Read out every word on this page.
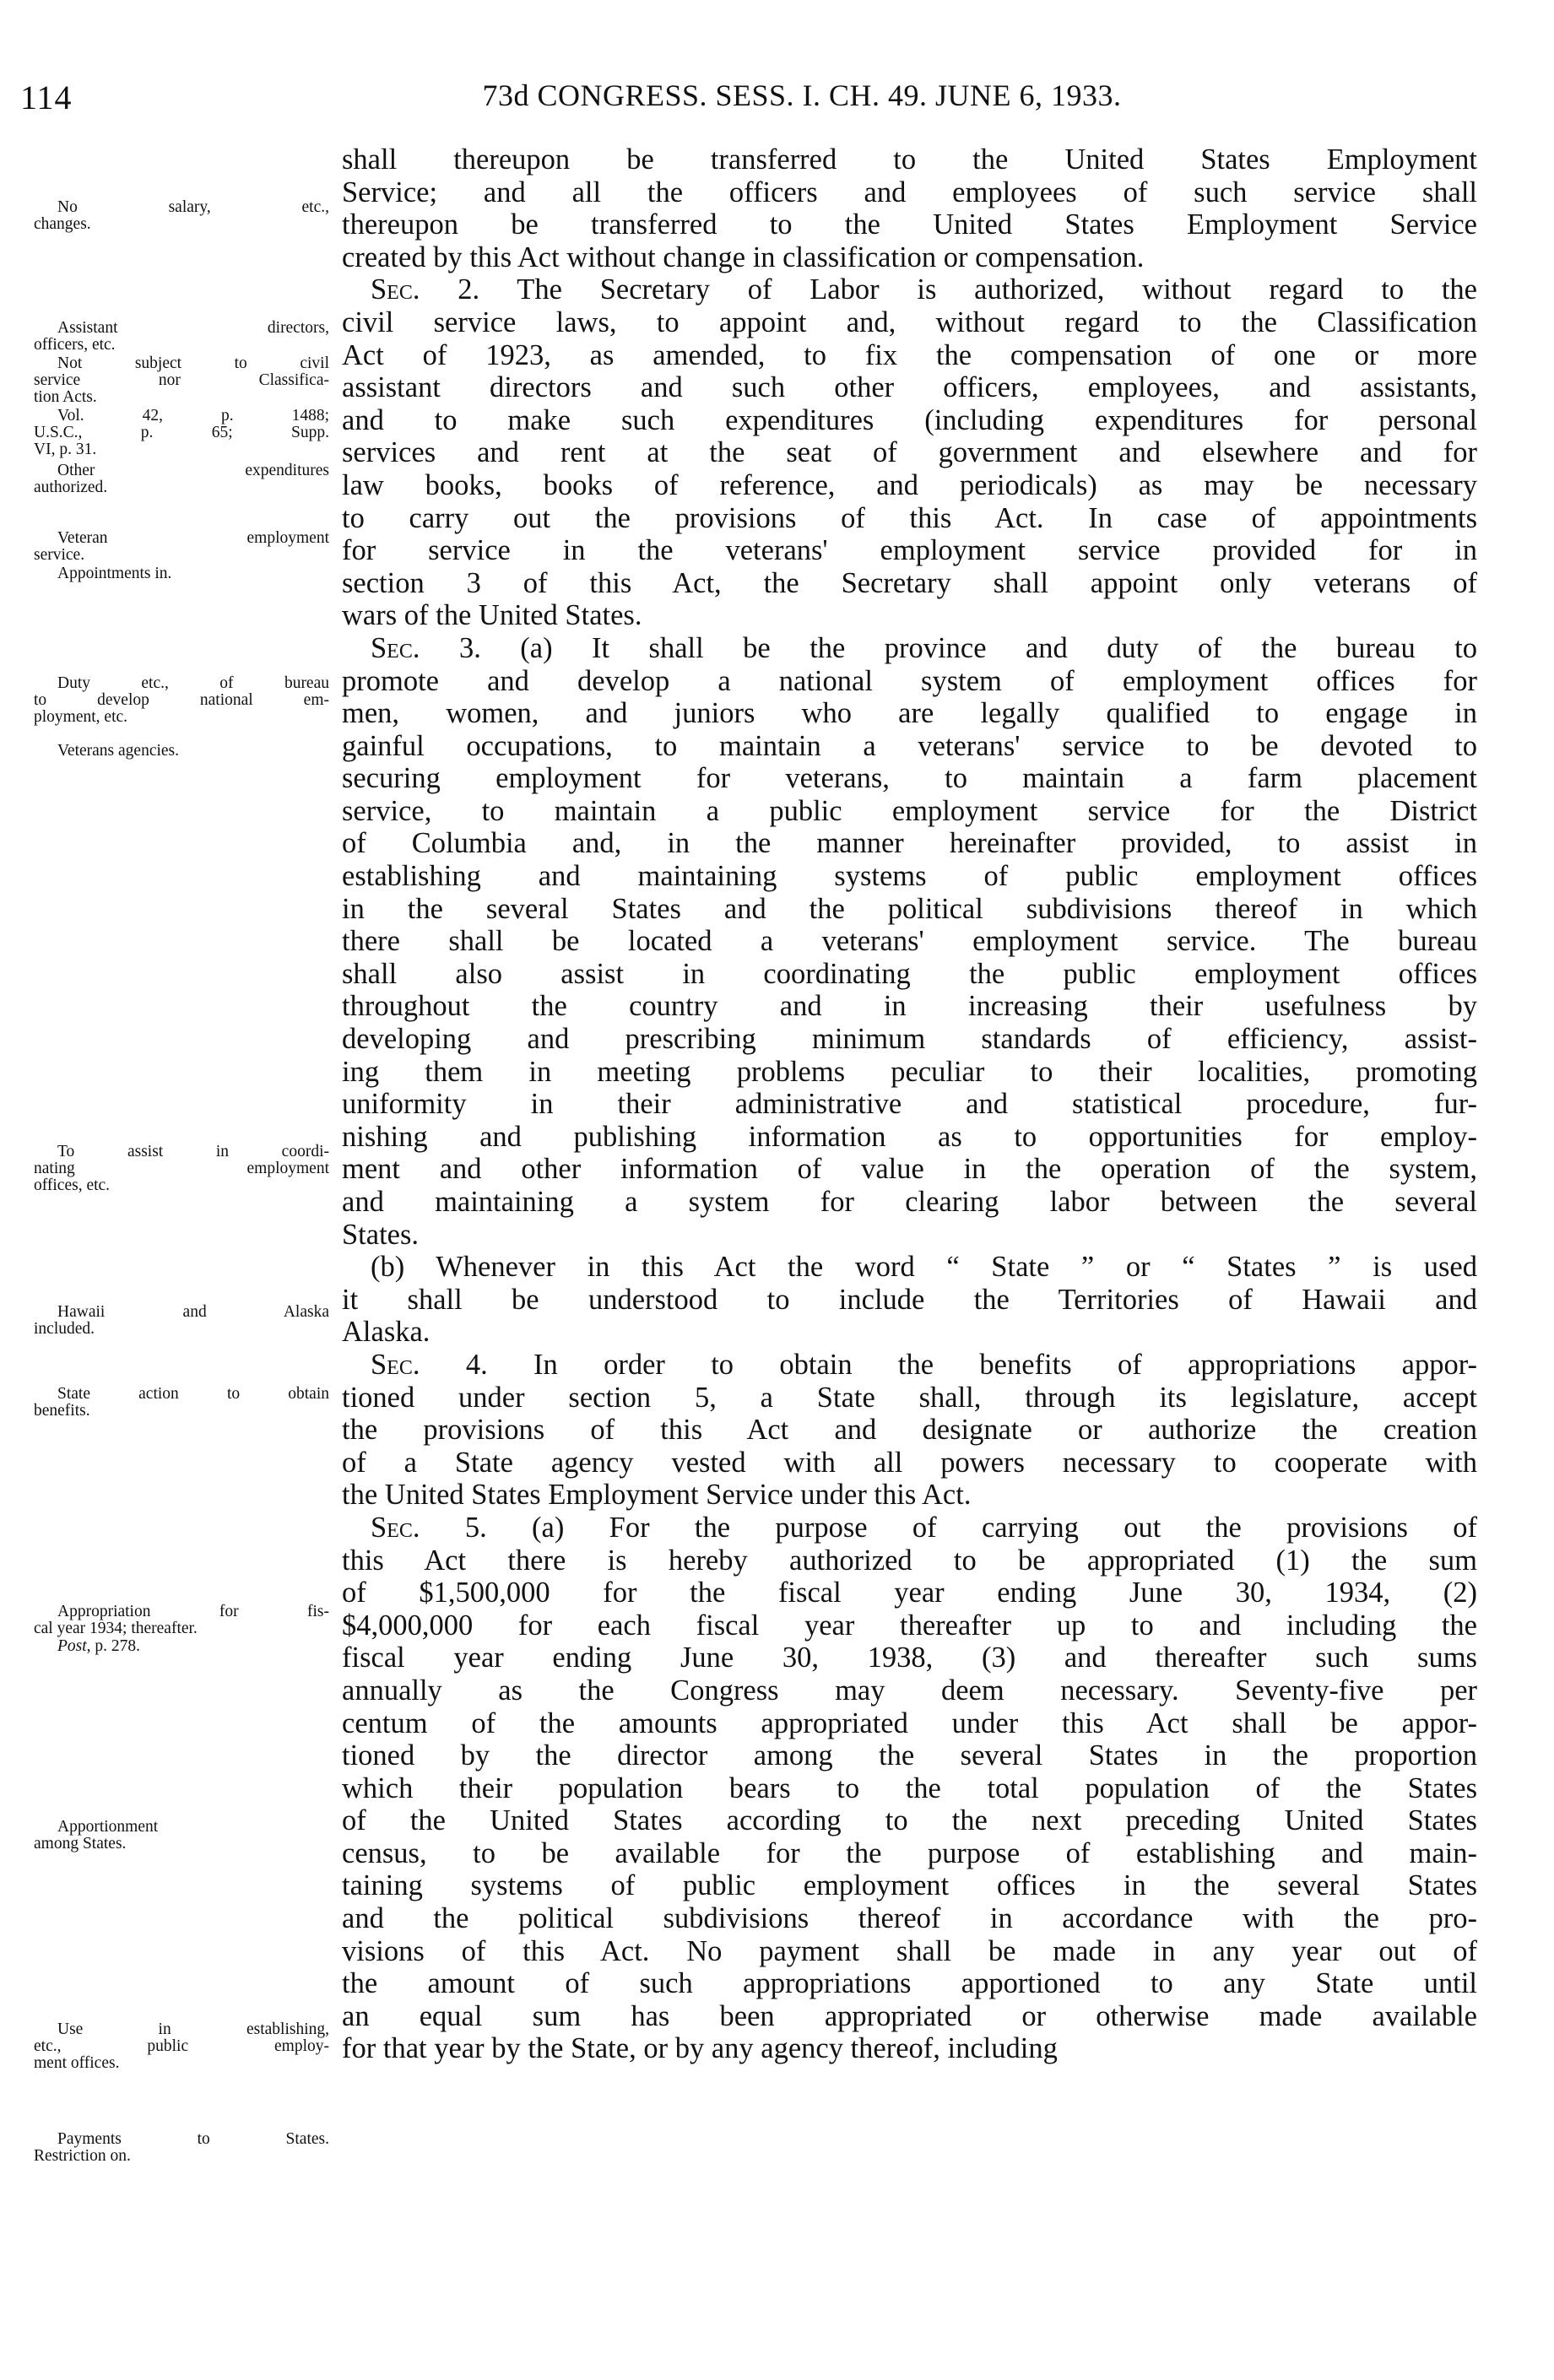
114	73d CONGRESS. SESS. I. CH. 49. JUNE 6, 1933.
shall thereupon be transferred to the United States Employment
Service; and all the officers and employees of such service shall
thereupon be transferred to the United States Employment Service
created by this Act without change in classification or compensation.
Sec. 2. The Secretary of Labor is authorized, without regard to the
civil service laws, to appoint and, without regard to the Classification
Act of 1923, as amended, to fix the compensation of one or more
assistant directors and such other officers, employees, and assistants,
and to make such expenditures (including expenditures for personal
services and rent at the seat of government and elsewhere and for
law books, books of reference, and periodicals) as may be necessary
to carry out the provisions of this Act. In case of appointments
for service in the veterans' employment service provided for in
section 3 of this Act, the Secretary shall appoint only veterans of
wars of the United States.
Sec. 3. (a) It shall be the province and duty of the bureau to
promote and develop a national system of employment offices for
men, women, and juniors who are legally qualified to engage in
gainful occupations, to maintain a veterans' service to be devoted to
securing employment for veterans, to maintain a farm placement
service, to maintain a public employment service for the District
of Columbia and, in the manner hereinafter provided, to assist in
establishing and maintaining systems of public employment offices
in the several States and the political subdivisions thereof in which
there shall be located a veterans' employment service. The bureau
shall also assist in coordinating the public employment offices
throughout the country and in increasing their usefulness by
developing and prescribing minimum standards of efficiency, assist-
ing them in meeting problems peculiar to their localities, promoting
uniformity in their administrative and statistical procedure, fur-
nishing and publishing information as to opportunities for employ-
ment and other information of value in the operation of the system,
and maintaining a system for clearing labor between the several
States.
(b) Whenever in this Act the word “ State ” or “ States ” is used
it shall be understood to include the Territories of Hawaii and
Alaska.
Sec. 4. In order to obtain the benefits of appropriations appor-
tioned under section 5, a State shall, through its legislature, accept
the provisions of this Act and designate or authorize the creation
of a State agency vested with all powers necessary to cooperate with
the United States Employment Service under this Act.
Sec. 5. (a) For the purpose of carrying out the provisions of
this Act there is hereby authorized to be appropriated (1) the sum
of $1,500,000 for the fiscal year ending June 30, 1934, (2)
$4,000,000 for each fiscal year thereafter up to and including the
fiscal year ending June 30, 1938, (3) and thereafter such sums
annually as the Congress may deem necessary. Seventy-five per
centum of the amounts appropriated under this Act shall be appor-
tioned by the director among the several States in the proportion
which their population bears to the total population of the States
of the United States according to the next preceding United States
census, to be available for the purpose of establishing and main-
taining systems of public employment offices in the several States
and the political subdivisions thereof in accordance with the pro-
visions of this Act. No payment shall be made in any year out of
the amount of such appropriations apportioned to any State until
an equal sum has been appropriated or otherwise made available
for that year by the State, or by any agency thereof, including
No salary, etc.,
changes.
Assistant directors,
officers, etc.
Not subject to civil
service nor Classifica-
tion Acts.
Vol. 42, p. 1488;
U.S.C., p. 65; Supp.
VI, p. 31.
Other expenditures
authorized.
Veteran employment
service.
Appointments in.
Duty etc., of bureau
to develop national em-
ployment, etc.
Veterans agencies.
To assist in coordi-
nating employment
offices, etc.
Hawaii and Alaska
included.
State action to obtain
benefits.
Appropriation for fis-
cal year 1934; thereafter.
Post, p. 278.
Apportionment
among States.
Use in establishing,
etc., public employ-
ment offices.
Payments to States.
Restriction on.
